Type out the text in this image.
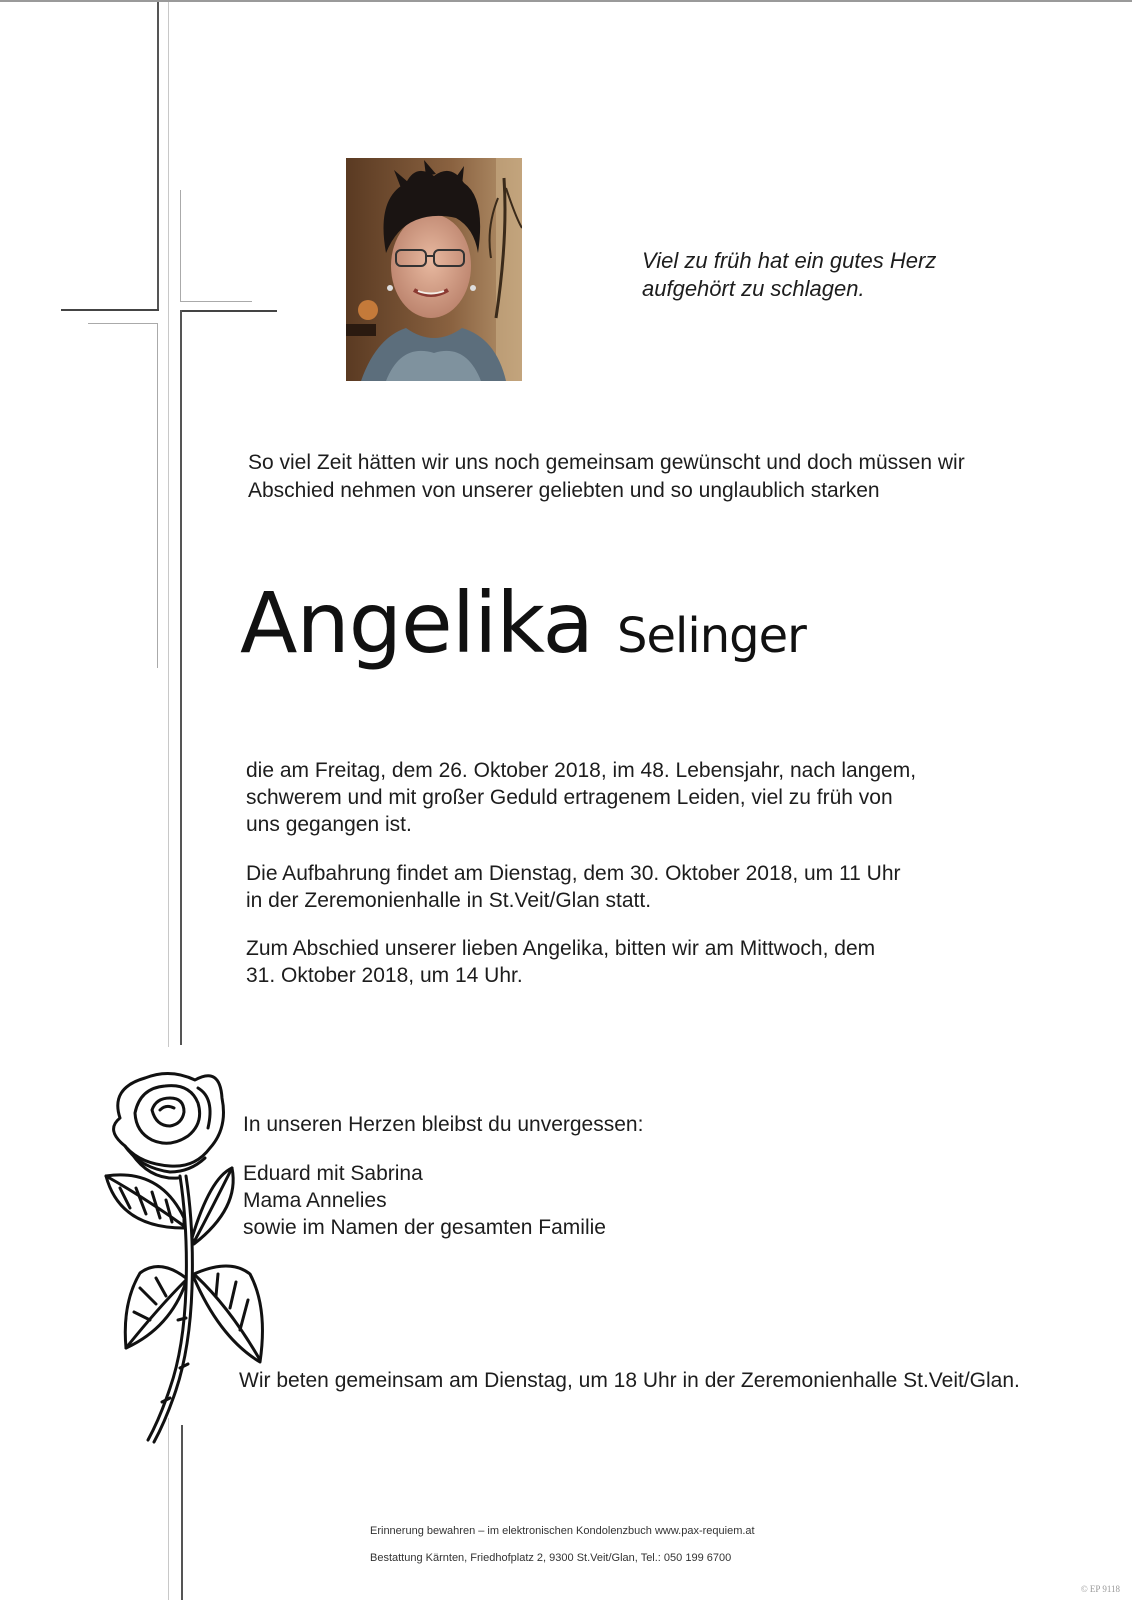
Viel zu früh hat ein gutes Herz
aufgehört zu schlagen.
So viel Zeit hätten wir uns noch gemeinsam gewünscht und doch müssen wir
Abschied nehmen von unserer geliebten und so unglaublich starken
Angelika Selinger
die am Freitag, dem 26. Oktober 2018, im 48. Lebensjahr, nach langem,
schwerem und mit großer Geduld ertragenem Leiden, viel zu früh von
uns gegangen ist.
Die Aufbahrung findet am Dienstag, dem 30. Oktober 2018, um 11 Uhr
in der Zeremonienhalle in St.Veit/Glan statt.
Zum Abschied unserer lieben Angelika, bitten wir am Mittwoch, dem
31. Oktober 2018, um 14 Uhr.
In unseren Herzen bleibst du unvergessen:
Eduard mit Sabrina
Mama Annelies
sowie im Namen der gesamten Familie
Wir beten gemeinsam am Dienstag, um 18 Uhr in der Zeremonienhalle St.Veit/Glan.
Erinnerung bewahren – im elektronischen Kondolenzbuch www.pax-requiem.at
Bestattung Kärnten, Friedhofplatz 2, 9300 St.Veit/Glan, Tel.: 050 199 6700
© EP 9118
